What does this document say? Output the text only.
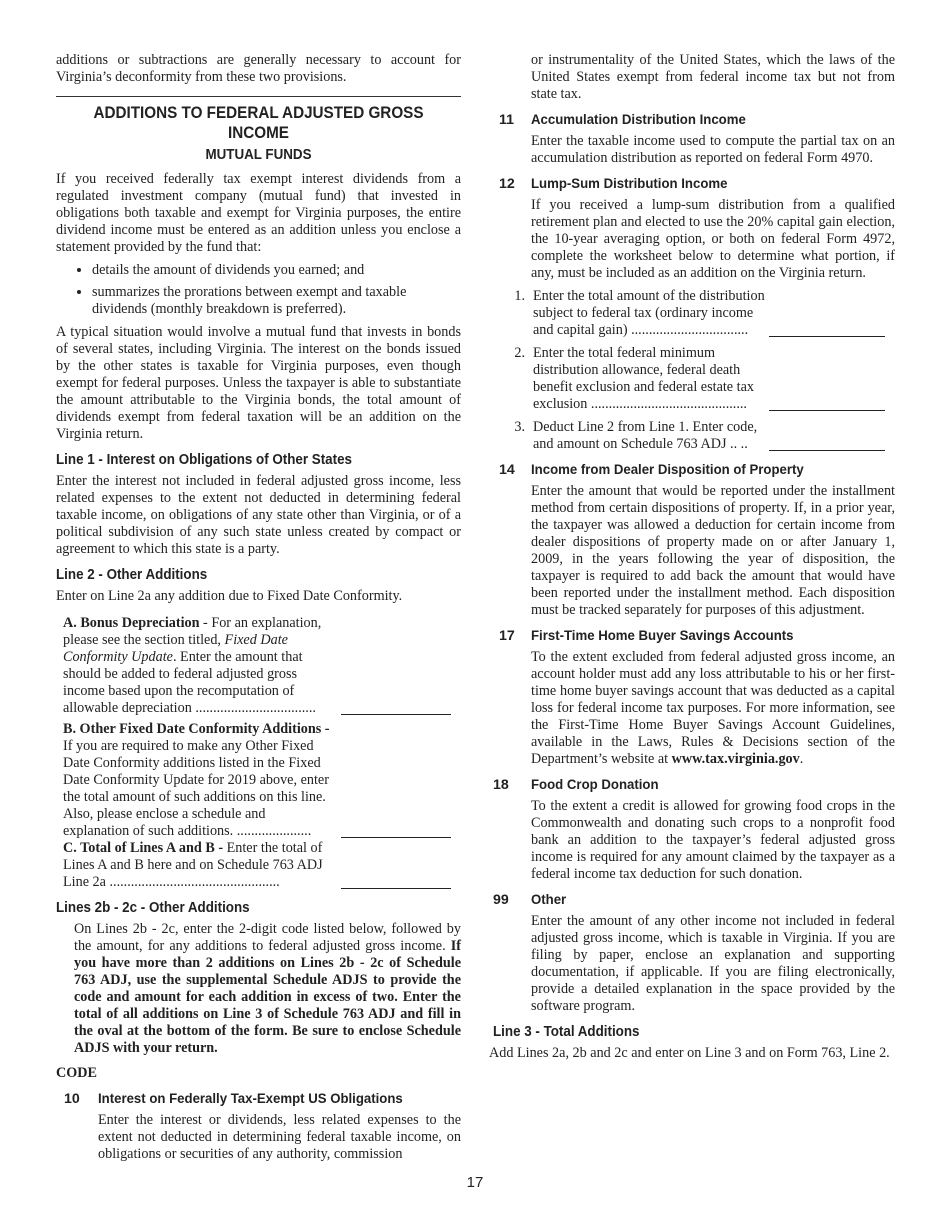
additions or subtractions are generally necessary to account for Virginia’s deconformity from these two provisions.

ADDITIONS TO FEDERAL ADJUSTED GROSS INCOME
MUTUAL FUNDS

If you received federally tax exempt interest dividends from a regulated investment company (mutual fund) that invested in obligations both taxable and exempt for Virginia purposes, the entire dividend income must be entered as an addition unless you enclose a statement provided by the fund that:

• details the amount of dividends you earned; and
• summarizes the prorations between exempt and taxable dividends (monthly breakdown is preferred).

A typical situation would involve a mutual fund that invests in bonds of several states, including Virginia. The interest on the bonds issued by the other states is taxable for Virginia purposes, even though exempt for federal purposes. Unless the taxpayer is able to substantiate the amount attributable to the Virginia bonds, the total amount of dividends exempt from federal taxation will be an addition on the Virginia return.

Line 1 - Interest on Obligations of Other States

Enter the interest not included in federal adjusted gross income, less related expenses to the extent not deducted in determining federal taxable income, on obligations of any state other than Virginia, or of a political subdivision of any such state unless created by compact or agreement to which this state is a party.

Line 2 - Other Additions

Enter on Line 2a any addition due to Fixed Date Conformity.

A. Bonus Depreciation - For an explanation, please see the section titled, Fixed Date Conformity Update. Enter the amount that should be added to federal adjusted gross income based upon the recomputation of allowable depreciation ..................................

B. Other Fixed Date Conformity Additions - If you are required to make any Other Fixed Date Conformity additions listed in the Fixed Date Conformity Update for 2019 above, enter the total amount of such additions on this line. Also, please enclose a schedule and explanation of such additions. .....................

C. Total of Lines A and B - Enter the total of Lines A and B here and on Schedule 763 ADJ Line 2a ................................................

Lines 2b - 2c - Other Additions

On Lines 2b - 2c, enter the 2-digit code listed below, followed by the amount, for any additions to federal adjusted gross income. If you have more than 2 additions on Lines 2b - 2c of Schedule 763 ADJ, use the supplemental Schedule ADJS to provide the code and amount for each addition in excess of two. Enter the total of all additions on Line 3 of Schedule 763 ADJ and fill in the oval at the bottom of the form. Be sure to enclose Schedule ADJS with your return.

CODE
10	Interest on Federally Tax-Exempt US Obligations

Enter the interest or dividends, less related expenses to the extent not deducted in determining federal taxable income, on obligations or securities of any authority, commission

or instrumentality of the United States, which the laws of the United States exempt from federal income tax but not from state tax.

11	Accumulation Distribution Income

Enter the taxable income used to compute the partial tax on an accumulation distribution as reported on federal Form 4970.

12	Lump-Sum Distribution Income

If you received a lump-sum distribution from a qualified retirement plan and elected to use the 20% capital gain election, the 10-year averaging option, or both on federal Form 4972, complete the worksheet below to determine what portion, if any, must be included as an addition on the Virginia return.

1. Enter the total amount of the distribution subject to federal tax (ordinary income and capital gain) .................................

2. Enter the total federal minimum distribution allowance, federal death benefit exclusion and federal estate tax exclusion ............................................

3. Deduct Line 2 from Line 1. Enter code, and amount on Schedule 763 ADJ .. ..

14	Income from Dealer Disposition of Property

Enter the amount that would be reported under the installment method from certain dispositions of property. If, in a prior year, the taxpayer was allowed a deduction for certain income from dealer dispositions of property made on or after January 1, 2009, in the years following the year of disposition, the taxpayer is required to add back the amount that would have been reported under the installment method. Each disposition must be tracked separately for purposes of this adjustment.

17	First-Time Home Buyer Savings Accounts

To the extent excluded from federal adjusted gross income, an account holder must add any loss attributable to his or her first-time home buyer savings account that was deducted as a capital loss for federal income tax purposes. For more information, see the First-Time Home Buyer Savings Account Guidelines, available in the Laws, Rules & Decisions section of the Department’s website at www.tax.virginia.gov.

18	Food Crop Donation

To the extent a credit is allowed for growing food crops in the Commonwealth and donating such crops to a nonprofit food bank an addition to the taxpayer’s federal adjusted gross income is required for any amount claimed by the taxpayer as a federal income tax deduction for such donation.

99	Other

Enter the amount of any other income not included in federal adjusted gross income, which is taxable in Virginia. If you are filing by paper, enclose an explanation and supporting documentation, if applicable. If you are filing electronically, provide a detailed explanation in the space provided by the software program.

Line 3 - Total Additions

Add Lines 2a, 2b and 2c and enter on Line 3 and on Form 763, Line 2.

17
